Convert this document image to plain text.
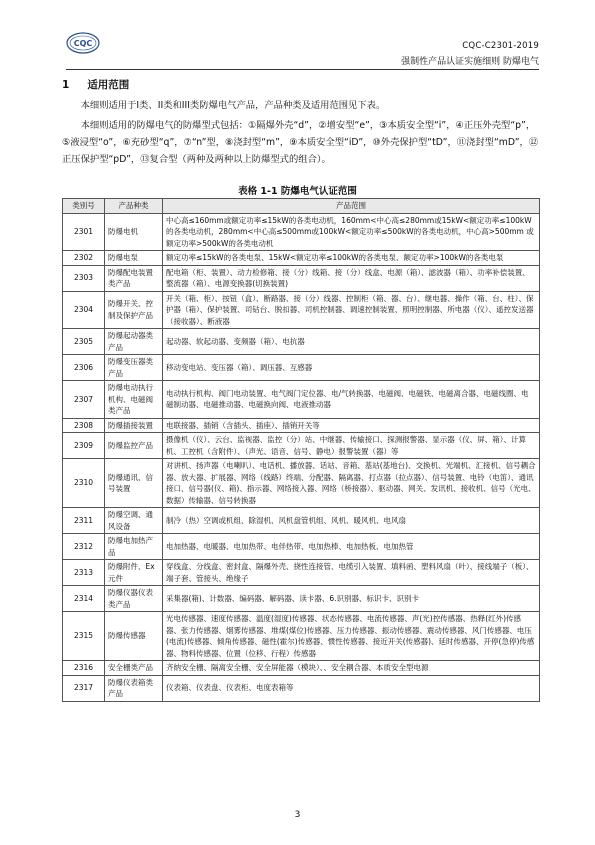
CQC	CQC-C2301-2019
强制性产品认证实施细则 防爆电气
1 适用范围

本细则适用于I类、II类和III类防爆电气产品，产品种类及适用范围见下表。

本细则适用的防爆电气的防爆型式包括：①隔爆外壳“d”，②增安型“e”，③本质安全型“i”，④正压外壳型“p”，⑤液浸型“o”，⑥充砂型“q”，⑦“n”型，⑧浇封型“m”，⑨本质安全型“iD”，⑩外壳保护型“tD”，⑪浇封型“mD”，⑫正压保护型“pD”，⑬复合型（两种及两种以上防爆型式的组合）。

表格 1-1 防爆电气认证范围
类别号	产品种类	产品范围
2301	防爆电机	中心高≤160mm或额定功率≤15kW的各类电动机，160mm<中心高≤280mm或15kW<额定功率≤100kW的各类电动机，280mm<中心高≤500mm或100kW<额定功率≤500kW的各类电动机，中心高>500mm 或额定功率>500kW的各类电动机
2302	防爆电泵	额定功率≤15kW的各类电泵、15kW<额定功率≤100kW的各类电泵、额定功率>100kW的各类电泵
2303	防爆配电装置类产品	配电箱（柜、装置）、动力检修箱、接（分）线箱、接（分）线盒、电源（箱）、滤波器（箱）、功率补偿装置、整流器（箱）、电源变换器(切换装置)
2304	防爆开关、控制及保护产品	开关（箱、柜）、按钮（盒）、断路器、接（分）线器、控制柜（箱、器、台）、继电器、操作（箱、台、柱）、保护器（箱）、保护装置、司钻台、脱扣器、司机控制器、调速控制装置、照明控制器、所电器（仪）、遥控发送器（接收器）、断液器
2305	防爆起动器类产品	起动器、软起动器、变频器（箱）、电抗器
2306	防爆变压器类产品	移动变电站、变压器（箱）、调压器、互感器
2307	防爆电动执行机构、电磁阀类产品	电动执行机构、阀门电动装置、电气阀门定位器、电/气转换器、电磁阀、电磁铁、电磁离合器、电磁线圈、电磁制动器、电磁推动器、电磁换向阀、电液推动器
2308	防爆插接装置	电联接器、插销（含插头、插座）、插销开关等
2309	防爆监控产品	摄像机（仪）、云台、监视器、监控（分）站、中继器、传输接口、探测报警器、显示器（仪、屏、箱）、计算机、工控机（含附件）、（声光、语音、信号、静电）报警装置（器）等
2310	防爆通讯、信号装置	对讲机、扬声器（电喇叭）、电话机、播放器、话站、音箱、基站(基地台)、交换机、光端机、汇接机、信号耦合器、放大器、扩展器、网络（线路）终端、分配器、隔离器、打点器（拉点器）、信号装置、电铃（电笛）、通讯接口、信号器(仪、箱)、指示器、网络接入器、网络（桥接器）、驱动器、网关、发讯机、接收机、信号（光电、数据）传输器、信号转换器
2311	防爆空调、通风设备	制冷（热）空调或机组、除湿机、风机盘管机组、风机、暖风机、电风扇
2312	防爆电加热产品	电加热器、电暖器、电加热带、电伴热带、电加热棒、电加热板、电加热管
2313	防爆附件、Ex元件	穿线盒、分线盒、密封盒、隔爆外壳、挠性连接管、电缆引入装置、填料函、塑料风扇（叶）、接线端子（板）、端子套、管接头、绝缘子
2314	防爆仪器仪表类产品	采集器(箱)、计数器、编码器、解码器、读卡器、6.识别器、标识卡、识别卡
2315	防爆传感器	光电传感器、速度传感器、温度(湿度)传感器、状态传感器、电流传感器、声(光)控传感器、热释(红外)传感器、张力传感器、烟雾传感器、堆煤(煤位)传感器、压力传感器、振动传感器、震动传感器、风门传感器、电压(电流)传感器、倾角传感器、磁性(霍尔)传感器、惯性传感器、接近开关(传感器)、延时传感器、开停(急停)传感器、物料传感器、位置（位移、行程）传感器
2316	安全栅类产品	齐纳安全栅、隔离安全栅、安全屏能器（模块）、、安全耦合器、本质安全型电源
2317	防爆仪表箱类产品	仪表箱、仪表盘、仪表柜、电度表箱等
3
